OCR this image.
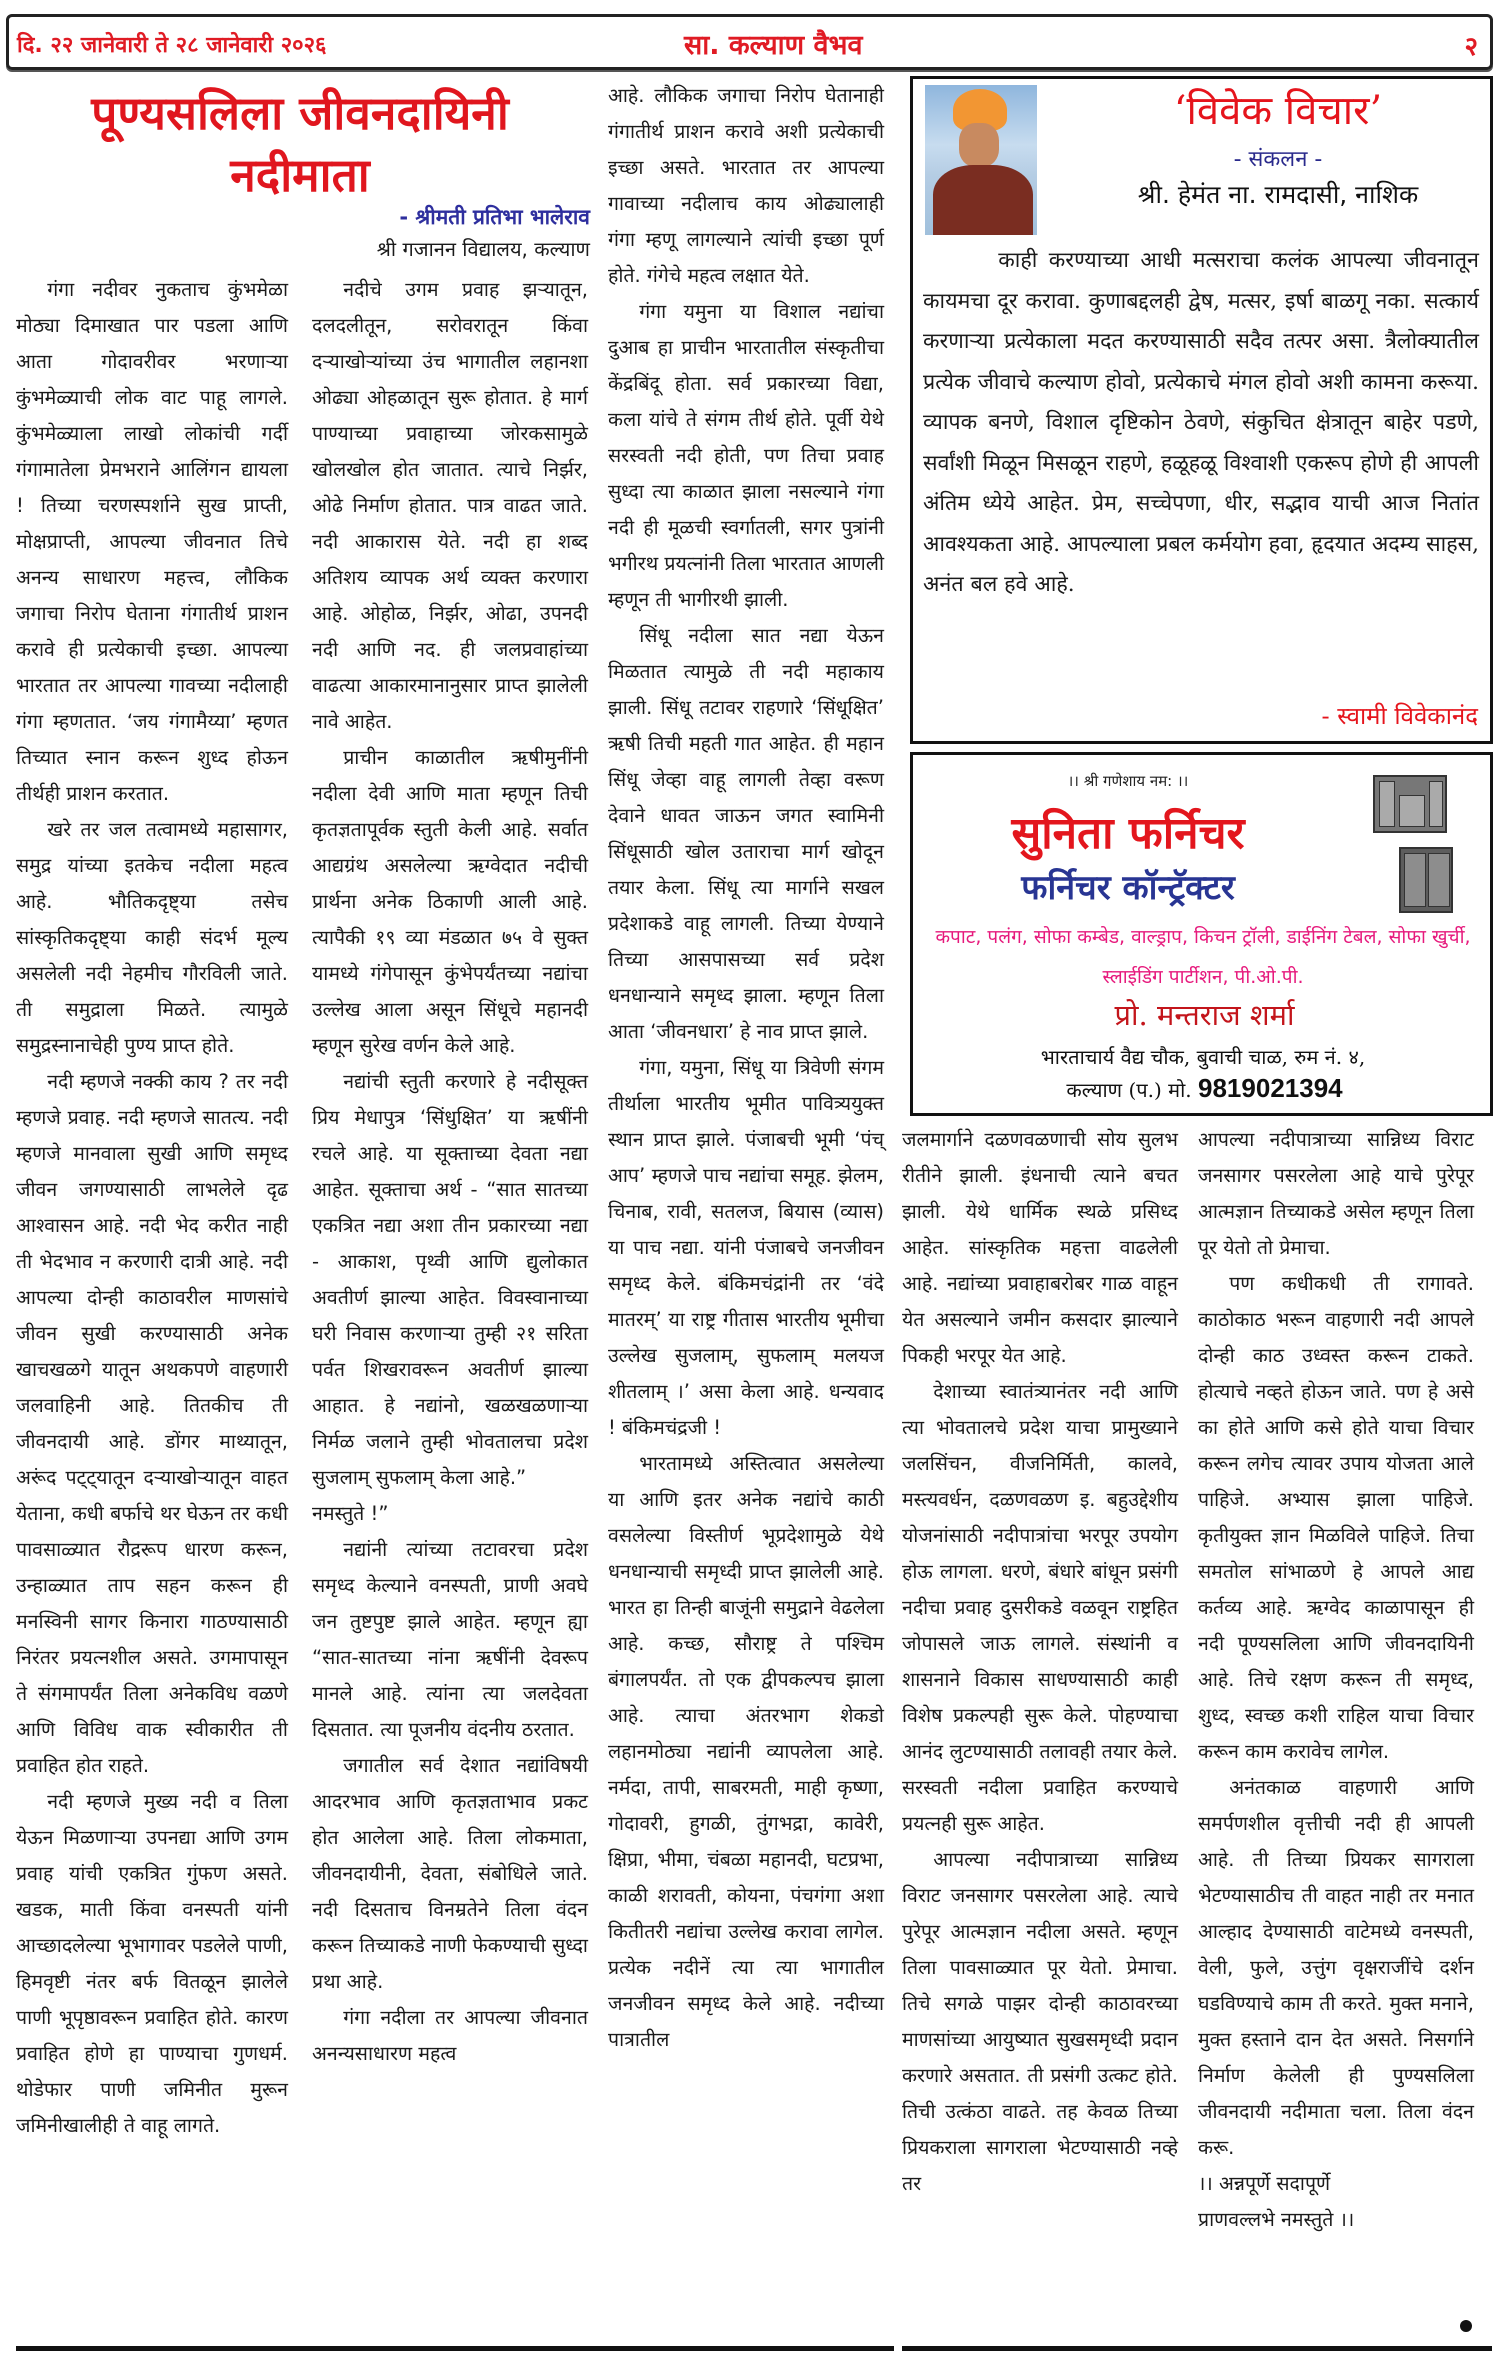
दि. २२ जानेवारी ते २८ जानेवारी २०२६	सा. कल्याण वैभव	२
पूण्यसलिला जीवनदायिनी
नदीमाता
- श्रीमती प्रतिभा भालेराव
श्री गजानन विद्यालय, कल्याण

गंगा नदीवर नुकताच कुंभमेळा मोठ्या दिमाखात पार पडला आणि आता गोदावरीवर भरणाऱ्या कुंभमेळ्याची लोक वाट पाहू लागले. कुंभमेळ्याला लाखो लोकांची गर्दी गंगामातेला प्रेमभराने आलिंगन द्यायला ! तिच्या चरणस्पर्शाने सुख प्राप्ती, मोक्षप्राप्ती, आपल्या जीवनात तिचे अनन्य साधारण महत्त्व, लौकिक जगाचा निरोप घेताना गंगातीर्थ प्राशन करावे ही प्रत्येकाची इच्छा. आपल्या भारतात तर आपल्या गावच्या नदीलाही गंगा म्हणतात. ‘जय गंगामैय्या’ म्हणत तिच्यात स्नान करून शुध्द होऊन तीर्थही प्राशन करतात.

खरे तर जल तत्वामध्ये महासागर, समुद्र यांच्या इतकेच नदीला महत्व आहे. भौतिकदृष्ट्या तसेच सांस्कृतिकदृष्ट्या काही संदर्भ मूल्य असलेली नदी नेहमीच गौरविली जाते. ती समुद्राला मिळते. त्यामुळे समुद्रस्नानाचेही पुण्य प्राप्त होते.

नदी म्हणजे नक्की काय ? तर नदी म्हणजे प्रवाह. नदी म्हणजे सातत्य. नदी म्हणजे मानवाला सुखी आणि समृध्द जीवन जगण्यासाठी लाभलेले दृढ आश्वासन आहे. नदी भेद करीत नाही ती भेदभाव न करणारी दात्री आहे. नदी आपल्या दोन्ही काठावरील माणसांचे जीवन सुखी करण्यासाठी अनेक खाचखळगे यातून अथकपणे वाहणारी जलवाहिनी आहे. तितकीच ती जीवनदायी आहे. डोंगर माथ्यातून, अरूंद पट्ट्यातून दऱ्याखोऱ्यातून वाहत येताना, कधी बर्फाचे थर घेऊन तर कधी पावसाळ्यात रौद्ररूप धारण करून, उन्हाळ्यात ताप सहन करून ही मनस्विनी सागर किनारा गाठण्यासाठी निरंतर प्रयत्नशील असते. उगमापासून ते संगमापर्यंत तिला अनेकविध वळणे आणि विविध वाक स्वीकारीत ती प्रवाहित होत राहते.

नदी म्हणजे मुख्य नदी व तिला येऊन मिळणाऱ्या उपनद्या आणि उगम प्रवाह यांची एकत्रित गुंफण असते. खडक, माती किंवा वनस्पती यांनी आच्छादलेल्या भूभागावर पडलेले पाणी, हिमवृष्टी नंतर बर्फ वितळून झालेले पाणी भूपृष्ठावरून प्रवाहित होते. कारण प्रवाहित होणे हा पाण्याचा गुणधर्म. थोडेफार पाणी जमिनीत मुरून जमिनीखालीही ते वाहू लागते.

नदीचे उगम प्रवाह झऱ्यातून, दलदलीतून, सरोवरातून किंवा दऱ्याखोऱ्यांच्या उंच भागातील लहानशा ओढ्या ओहळातून सुरू होतात. हे मार्ग पाण्याच्या प्रवाहाच्या जोरकसामुळे खोलखोल होत जातात. त्याचे निर्झर, ओढे निर्माण होतात. पात्र वाढत जाते. नदी आकारास येते. नदी हा शब्द अतिशय व्यापक अर्थ व्यक्त करणारा आहे. ओहोळ, निर्झर, ओढा, उपनदी नदी आणि नद. ही जलप्रवाहांच्या वाढत्या आकारमानानुसार प्राप्त झालेली नावे आहेत.

प्राचीन काळातील ऋषीमुनींनी नदीला देवी आणि माता म्हणून तिची कृतज्ञतापूर्वक स्तुती केली आहे. सर्वात आद्यग्रंथ असलेल्या ऋग्वेदात नदीची प्रार्थना अनेक ठिकाणी आली आहे. त्यापैकी १९ व्या मंडळात ७५ वे सुक्त यामध्ये गंगेपासून कुंभेपर्यंतच्या नद्यांचा उल्लेख आला असून सिंधूचे महानदी म्हणून सुरेख वर्णन केले आहे.

नद्यांची स्तुती करणारे हे नदीसूक्त प्रिय मेधापुत्र ‘सिंधुक्षित’ या ऋषींनी रचले आहे. या सूक्ताच्या देवता नद्या आहेत. सूक्ताचा अर्थ - “सात सातच्या एकत्रित नद्या अशा तीन प्रकारच्या नद्या - आकाश, पृथ्वी आणि द्युलोकात अवतीर्ण झाल्या आहेत. विवस्वानाच्या घरी निवास करणाऱ्या तुम्ही २१ सरिता पर्वत शिखरावरून अवतीर्ण झाल्या आहात. हे नद्यांनो, खळखळणाऱ्या निर्मळ जलाने तुम्ही भोवतालचा प्रदेश सुजलाम् सुफलाम् केला आहे.”

नमस्तुते !”

नद्यांनी त्यांच्या तटावरचा प्रदेश समृध्द केल्याने वनस्पती, प्राणी अवघे जन तुष्टपुष्ट झाले आहेत. म्हणून ह्या “सात-सातच्या नांना ऋषींनी देवरूप मानले आहे. त्यांना त्या जलदेवता दिसतात. त्या पूजनीय वंदनीय ठरतात.

जगातील सर्व देशात नद्यांविषयी आदरभाव आणि कृतज्ञताभाव प्रकट होत आलेला आहे. तिला लोकमाता, जीवनदायीनी, देवता, संबोधिले जाते. नदी दिसताच विनम्रतेने तिला वंदन करून तिच्याकडे नाणी फेकण्याची सुध्दा प्रथा आहे.

गंगा नदीला तर आपल्या जीवनात अनन्यसाधारण महत्व

आहे. लौकिक जगाचा निरोप घेतानाही गंगातीर्थ प्राशन करावे अशी प्रत्येकाची इच्छा असते. भारतात तर आपल्या गावाच्या नदीलाच काय ओढ्यालाही गंगा म्हणू लागल्याने त्यांची इच्छा पूर्ण होते. गंगेचे महत्व लक्षात येते.

गंगा यमुना या विशाल नद्यांचा दुआब हा प्राचीन भारतातील संस्कृतीचा केंद्रबिंदू होता. सर्व प्रकारच्या विद्या, कला यांचे ते संगम तीर्थ होते. पूर्वी येथे सरस्वती नदी होती, पण तिचा प्रवाह सुध्दा त्या काळात झाला नसल्याने गंगा नदी ही मूळची स्वर्गातली, सगर पुत्रांनी भगीरथ प्रयत्नांनी तिला भारतात आणली म्हणून ती भागीरथी झाली.

सिंधू नदीला सात नद्या येऊन मिळतात त्यामुळे ती नदी महाकाय झाली. सिंधू तटावर राहणारे ‘सिंधूक्षित’ ऋषी तिची महती गात आहेत. ही महान सिंधू जेव्हा वाहू लागली तेव्हा वरूण देवाने धावत जाऊन जगत स्वामिनी सिंधूसाठी खोल उताराचा मार्ग खोदून तयार केला. सिंधू त्या मार्गाने सखल प्रदेशाकडे वाहू लागली. तिच्या येण्याने तिच्या आसपासच्या सर्व प्रदेश धनधान्याने समृध्द झाला. म्हणून तिला आता ‘जीवनधारा’ हे नाव प्राप्त झाले.

गंगा, यमुना, सिंधू या त्रिवेणी संगम तीर्थाला भारतीय भूमीत पावित्र्ययुक्त स्थान प्राप्त झाले. पंजाबची भूमी ‘पंच् आप’ म्हणजे पाच नद्यांचा समूह. झेलम, चिनाब, रावी, सतलज, बियास (व्यास) या पाच नद्या. यांनी पंजाबचे जनजीवन समृध्द केले. बंकिमचंद्रांनी तर ‘वंदे मातरम्’ या राष्ट्र गीतास भारतीय भूमीचा उल्लेख सुजलाम्, सुफलाम् मलयज शीतलाम् ।’ असा केला आहे. धन्यवाद ! बंकिमचंद्रजी !

भारतामध्ये अस्तित्वात असलेल्या या आणि इतर अनेक नद्यांचे काठी वसलेल्या विस्तीर्ण भूप्रदेशामुळे येथे धनधान्याची समृध्दी प्राप्त झालेली आहे. भारत हा तिन्ही बाजूंनी समुद्राने वेढलेला आहे. कच्छ, सौराष्ट्र ते पश्चिम बंगालपर्यंत. तो एक द्वीपकल्पच झाला आहे. त्याचा अंतरभाग शेकडो लहानमोठ्या नद्यांनी व्यापलेला आहे. नर्मदा, तापी, साबरमती, माही कृष्णा, गोदावरी, हुगळी, तुंगभद्रा, कावेरी, क्षिप्रा, भीमा, चंबळा महानदी, घटप्रभा, काळी शरावती, कोयना, पंचगंगा अशा कितीतरी नद्यांचा उल्लेख करावा लागेल. प्रत्येक नदीनें त्या त्या भागातील जनजीवन समृध्द केले आहे. नदीच्या पात्रातील

‘विवेक विचार’
- संकलन -
श्री. हेमंत ना. रामदासी, नाशिक

काही करण्याच्या आधी मत्सराचा कलंक आपल्या जीवनातून कायमचा दूर करावा. कुणाबद्दलही द्वेष, मत्सर, इर्षा बाळगू नका. सत्कार्य करणाऱ्या प्रत्येकाला मदत करण्यासाठी सदैव तत्पर असा. त्रैलोक्यातील प्रत्येक जीवाचे कल्याण होवो, प्रत्येकाचे मंगल होवो अशी कामना करूया. व्यापक बनणे, विशाल दृष्टिकोन ठेवणे, संकुचित क्षेत्रातून बाहेर पडणे, सर्वांशी मिळून मिसळून राहणे, हळूहळू विश्वाशी एकरूप होणे ही आपली अंतिम ध्येये आहेत. प्रेम, सच्चेपणा, धीर, सद्भाव याची आज नितांत आवश्यकता आहे. आपल्याला प्रबल कर्मयोग हवा, हृदयात अदम्य साहस, अनंत बल हवे आहे.

- स्वामी विवेकानंद
।। श्री गणेशाय नम: ।।
सुनिता फर्निचर
फर्निचर कॉन्ट्रॅक्टर
कपाट, पलंग, सोफा कम्बेड, वाल्ड्राप, किचन ट्रॉली, डाईनिंग टेबल, सोफा खुर्ची, स्लाईडिंग पार्टीशन, पी.ओ.पी.
प्रो. मन्तराज शर्मा
भारताचार्य वैद्य चौक, बुवाची चाळ, रुम नं. ४,
कल्याण (प.) मो. 9819021394

जलमार्गाने दळणवळणाची सोय सुलभ रीतीने झाली. इंधनाची त्याने बचत झाली. येथे धार्मिक स्थळे प्रसिध्द आहेत. सांस्कृतिक महत्ता वाढलेली आहे. नद्यांच्या प्रवाहाबरोबर गाळ वाहून येत असल्याने जमीन कसदार झाल्याने पिकही भरपूर येत आहे.

देशाच्या स्वातंत्र्यानंतर नदी आणि त्या भोवतालचे प्रदेश याचा प्रामुख्याने जलसिंचन, वीजनिर्मिती, कालवे, मस्त्यवर्धन, दळणवळण इ. बहुउद्देशीय योजनांसाठी नदीपात्रांचा भरपूर उपयोग होऊ लागला. धरणे, बंधारे बांधून प्रसंगी नदीचा प्रवाह दुसरीकडे वळवून राष्ट्रहित जोपासले जाऊ लागले. संस्थांनी व शासनाने विकास साधण्यासाठी काही विशेष प्रकल्पही सुरू केले. पोहण्याचा आनंद लुटण्यासाठी तलावही तयार केले. सरस्वती नदीला प्रवाहित करण्याचे प्रयत्नही सुरू आहेत.

आपल्या नदीपात्राच्या सान्निध्य विराट जनसागर पसरलेला आहे. त्याचे पुरेपूर आत्मज्ञान नदीला असते. म्हणून तिला पावसाळ्यात पूर येतो. प्रेमाचा. तिचे सगळे पाझर दोन्ही काठावरच्या माणसांच्या आयुष्यात सुखसमृध्दी प्रदान करणारे असतात. ती प्रसंगी उत्कट होते. तिची उत्कंठा वाढते. तह केवळ तिच्या प्रियकराला सागराला भेटण्यासाठी नव्हे तर

आपल्या नदीपात्राच्या सान्निध्य विराट जनसागर पसरलेला आहे याचे पुरेपूर आत्मज्ञान तिच्याकडे असेल म्हणून तिला पूर येतो तो प्रेमाचा.

पण कधीकधी ती रागावते. काठोकाठ भरून वाहणारी नदी आपले दोन्ही काठ उध्वस्त करून टाकते. होत्याचे नव्हते होऊन जाते. पण हे असे का होते आणि कसे होते याचा विचार करून लगेच त्यावर उपाय योजता आले पाहिजे. अभ्यास झाला पाहिजे. कृतीयुक्त ज्ञान मिळविले पाहिजे. तिचा समतोल सांभाळणे हे आपले आद्य कर्तव्य आहे. ऋग्वेद काळापासून ही नदी पूण्यसलिला आणि जीवनदायिनी आहे. तिचे रक्षण करून ती समृध्द, शुध्द, स्वच्छ कशी राहिल याचा विचार करून काम करावेच लागेल.

अनंतकाळ वाहणारी आणि समर्पणशील वृत्तीची नदी ही आपली आहे. ती तिच्या प्रियकर सागराला भेटण्यासाठीच ती वाहत नाही तर मनात आल्हाद देण्यासाठी वाटेमध्ये वनस्पती, वेली, फुले, उत्तुंग वृक्षराजींचे दर्शन घडविण्याचे काम ती करते. मुक्त मनाने, मुक्त हस्ताने दान देत असते. निसर्गाने निर्माण केलेली ही पुण्यसलिला जीवनदायी नदीमाता चला. तिला वंदन करू.

।। अन्नपूर्णे सदापूर्णे

प्राणवल्लभे नमस्तुते ।।
